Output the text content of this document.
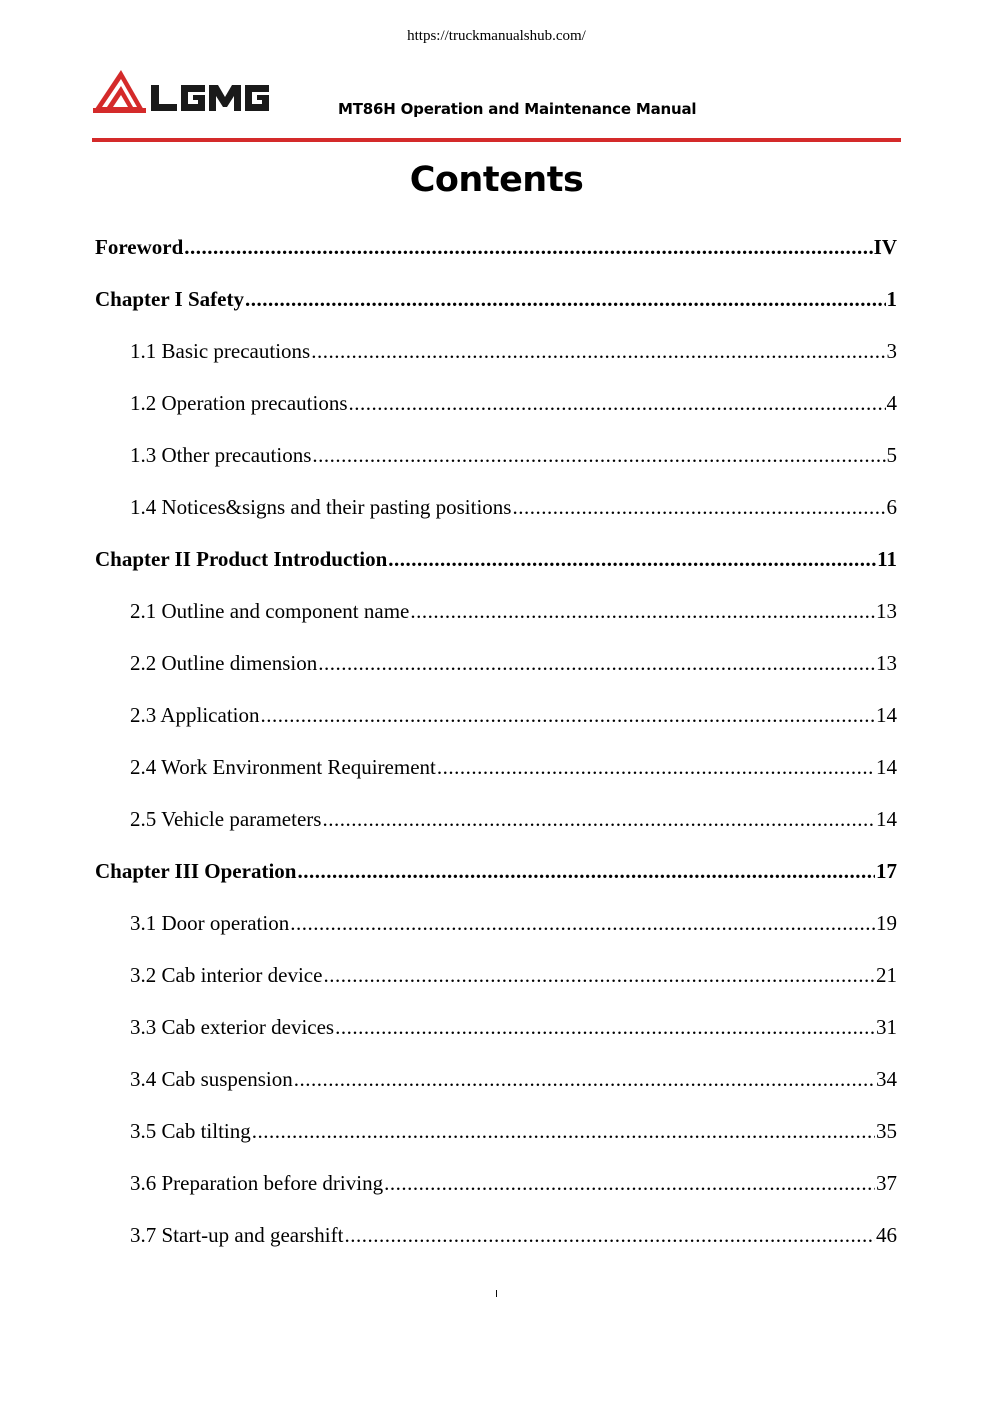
https://truckmanualshub.com/
MT86H Operation and Maintenance Manual
Contents
Foreword .....	IV
Chapter I Safety .....	1
1.1 Basic precautions .....	3
1.2 Operation precautions .....	4
1.3 Other precautions .....	5
1.4 Notices&signs and their pasting positions .....	6
Chapter II Product Introduction .....	11
2.1 Outline and component name .....	13
2.2 Outline dimension .....	13
2.3 Application .....	14
2.4 Work Environment Requirement .....	14
2.5 Vehicle parameters .....	14
Chapter III Operation .....	17
3.1 Door operation .....	19
3.2 Cab interior device .....	21
3.3 Cab exterior devices .....	31
3.4 Cab suspension .....	34
3.5 Cab tilting .....	35
3.6 Preparation before driving .....	37
3.7 Start-up and gearshift .....	46
I
